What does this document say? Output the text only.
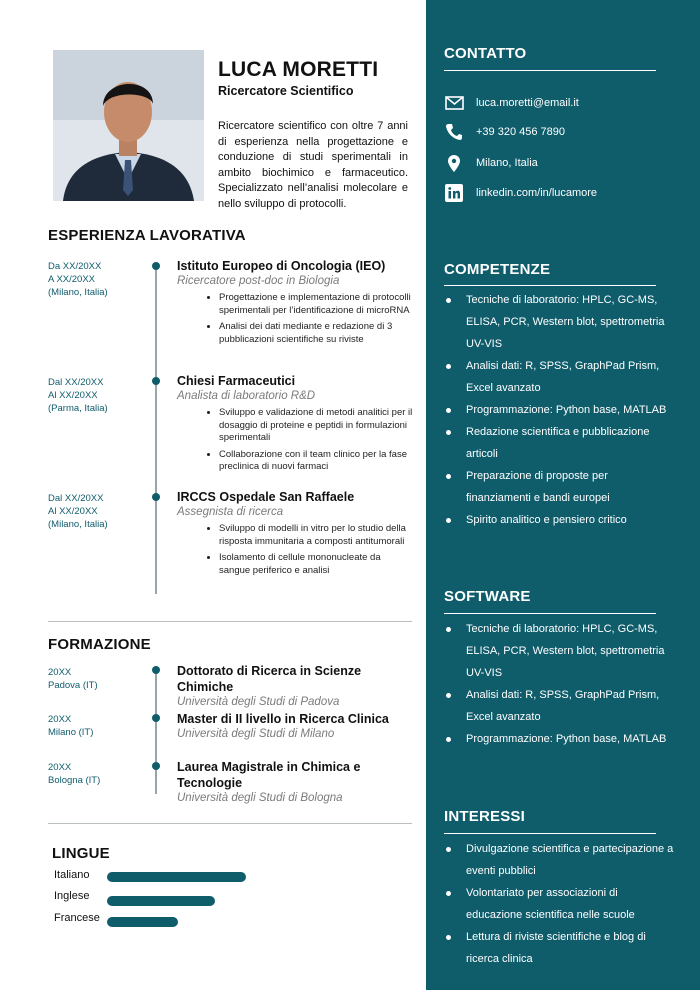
LUCA MORETTI
Ricercatore Scientifico
Ricercatore scientifico con oltre 7 anni di esperienza nella progettazione e conduzione di studi sperimentali in ambito biochimico e farmaceutico. Specializzato nell’analisi molecolare e nello sviluppo di protocolli.
ESPERIENZA LAVORATIVA
Da XX/20XX
A XX/20XX
(Milano, Italia)
Istituto Europeo di Oncologia (IEO)
Ricercatore post-doc in Biologia
• Progettazione e implementazione di protocolli sperimentali per l’identificazione di microRNA
• Analisi dei dati mediante e redazione di 3 pubblicazioni scientifiche su riviste
Dal XX/20XX
Al XX/20XX
(Parma, Italia)
Chiesi Farmaceutici
Analista di laboratorio R&D
• Sviluppo e validazione di metodi analitici per il dosaggio di proteine e peptidi in formulazioni sperimentali
• Collaborazione con il team clinico per la fase preclinica di nuovi farmaci
Dal XX/20XX
Al XX/20XX
(Milano, Italia)
IRCCS Ospedale San Raffaele
Assegnista di ricerca
• Sviluppo di modelli in vitro per lo studio della risposta immunitaria a composti antitumorali
• Isolamento di cellule mononucleate da sangue periferico e analisi
FORMAZIONE
20XX
Padova (IT)
Dottorato di Ricerca in Scienze Chimiche
Università degli Studi di Padova
20XX
Milano (IT)
Master di II livello in Ricerca Clinica
Università degli Studi di Milano
20XX
Bologna (IT)
Laurea Magistrale in Chimica e Tecnologie
Università degli Studi di Bologna
LINGUE
Italiano
Inglese
Francese
CONTATTO
luca.moretti@email.it
+39 320 456 7890
Milano, Italia
linkedin.com/in/lucamore
COMPETENZE
Tecniche di laboratorio: HPLC, GC-MS, ELISA, PCR, Western blot, spettrometria UV-VIS
Analisi dati: R, SPSS, GraphPad Prism, Excel avanzato
Programmazione: Python base, MATLAB
Redazione scientifica e pubblicazione articoli
Preparazione di proposte per finanziamenti e bandi europei
Spirito analitico e pensiero critico
SOFTWARE
Tecniche di laboratorio: HPLC, GC-MS, ELISA, PCR, Western blot, spettrometria UV-VIS
Analisi dati: R, SPSS, GraphPad Prism, Excel avanzato
Programmazione: Python base, MATLAB
INTERESSI
Divulgazione scientifica e partecipazione a eventi pubblici
Volontariato per associazioni di educazione scientifica nelle scuole
Lettura di riviste scientifiche e blog di ricerca clinica
